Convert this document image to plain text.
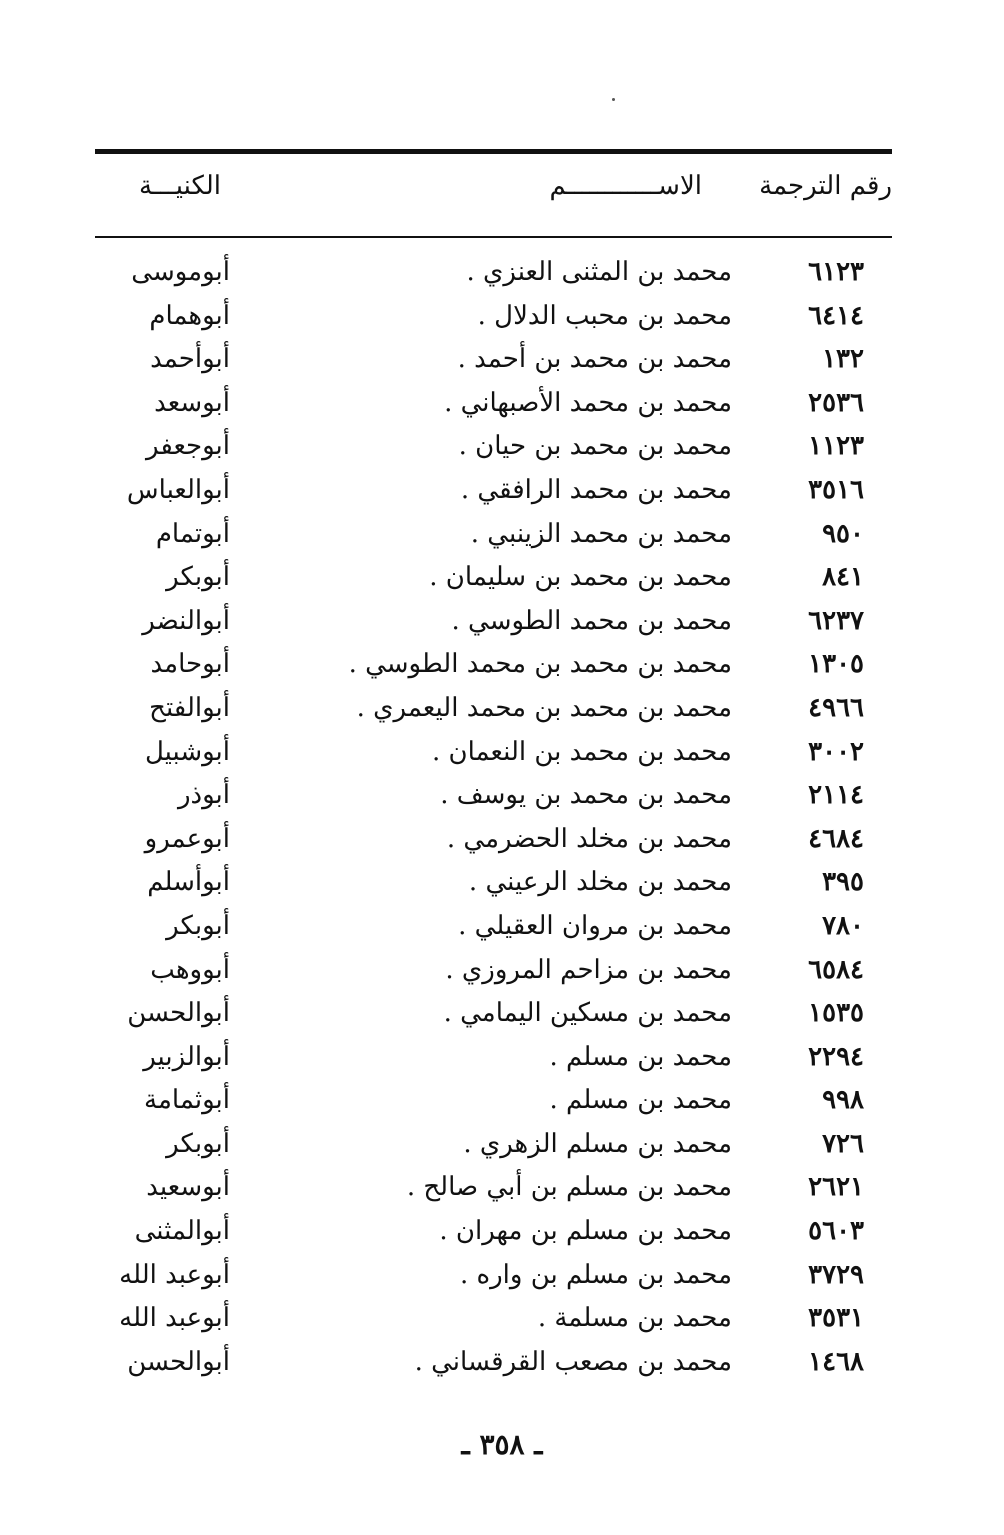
رقم الترجمة
الاســــــــــــم
الكنيـــة
٦١٢٣
محمد بن المثنى العنزي .
أبوموسى
٦٤١٤
محمد بن محبب الدلال .
أبوهمام
١٣٢
محمد بن محمد بن أحمد .
أبوأحمد
٢٥٣٦
محمد بن محمد الأصبهاني .
أبوسعد
١١٢٣
محمد بن محمد بن حيان .
أبوجعفر
٣٥١٦
محمد بن محمد الرافقي .
أبوالعباس
٩٥٠
محمد بن محمد الزينبي .
أبوتمام
٨٤١
محمد بن محمد بن سليمان .
أبوبكر
٦٢٣٧
محمد بن محمد الطوسي .
أبوالنضر
١٣٠٥
محمد بن محمد بن محمد الطوسي .
أبوحامد
٤٩٦٦
محمد بن محمد بن محمد اليعمري .
أبوالفتح
٣٠٠٢
محمد بن محمد بن النعمان .
أبوشبيل
٢١١٤
محمد بن محمد بن يوسف .
أبوذر
٤٦٨٤
محمد بن مخلد الحضرمي .
أبوعمرو
٣٩٥
محمد بن مخلد الرعيني .
أبوأسلم
٧٨٠
محمد بن مروان العقيلي .
أبوبكر
٦٥٨٤
محمد بن مزاحم المروزي .
أبووهب
١٥٣٥
محمد بن مسكين اليمامي .
أبوالحسن
٢٢٩٤
محمد بن مسلم .
أبوالزبير
٩٩٨
محمد بن مسلم .
أبوثمامة
٧٢٦
محمد بن مسلم الزهري .
أبوبكر
٢٦٢١
محمد بن مسلم بن أبي صالح .
أبوسعيد
٥٦٠٣
محمد بن مسلم بن مهران .
أبوالمثنى
٣٧٢٩
محمد بن مسلم بن واره .
أبوعبد الله
٣٥٣١
محمد بن مسلمة .
أبوعبد الله
١٤٦٨
محمد بن مصعب القرقساني .
أبوالحسن
ـ ٣٥٨ ـ
